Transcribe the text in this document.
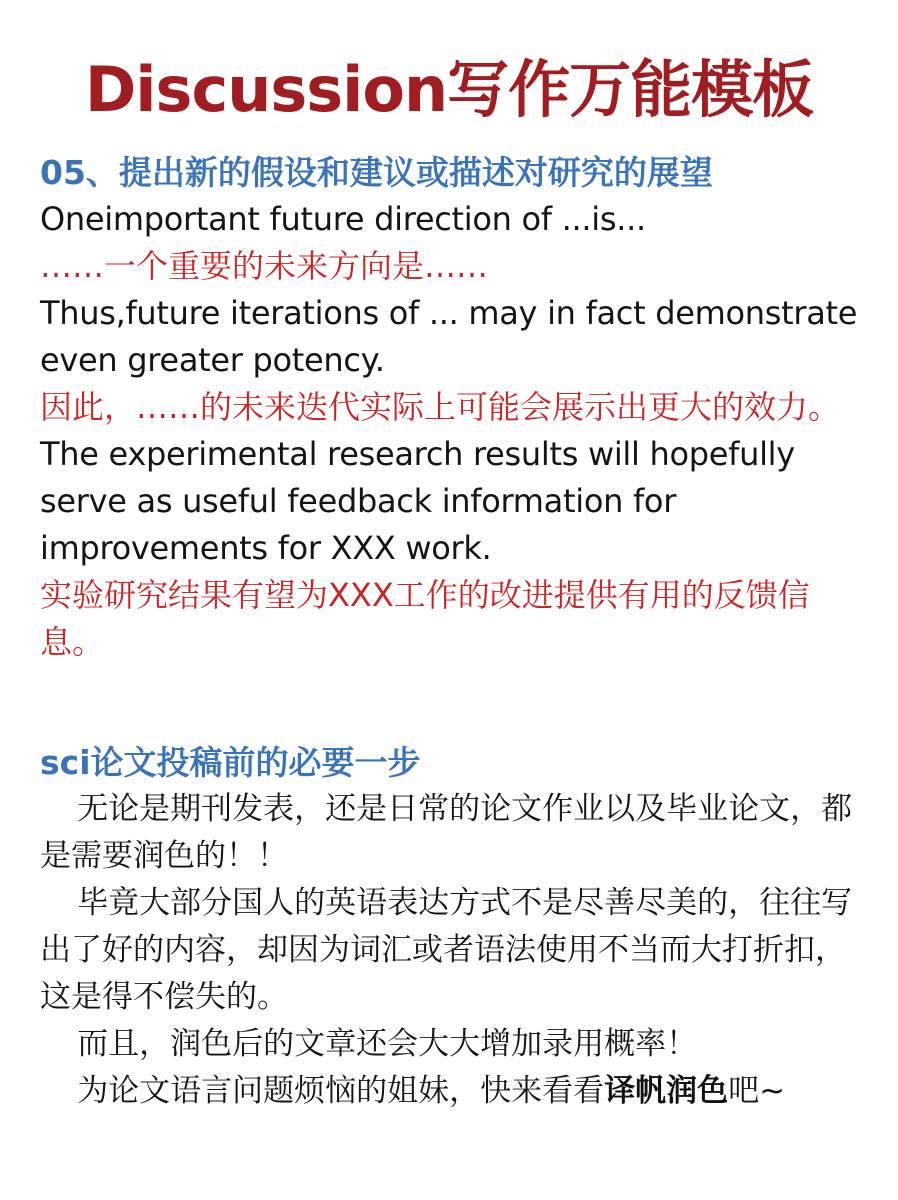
Discussion写作万能模板
05、提出新的假设和建议或描述对研究的展望

Oneimportant future direction of ...is...

……一个重要的未来方向是……

Thus,future iterations of ... may in fact demonstrate even greater potency.

因此，……的未来迭代实际上可能会展示出更大的效力。

The experimental research results will hopefully serve as useful feedback information for improvements for XXX work.

实验研究结果有望为XXX工作的改进提供有用的反馈信息。

sci论文投稿前的必要一步

无论是期刊发表，还是日常的论文作业以及毕业论文，都是需要润色的！！

毕竟大部分国人的英语表达方式不是尽善尽美的，往往写出了好的内容，却因为词汇或者语法使用不当而大打折扣，这是得不偿失的。

而且，润色后的文章还会大大增加录用概率！

为论文语言问题烦恼的姐妹，快来看看译帆润色吧~
